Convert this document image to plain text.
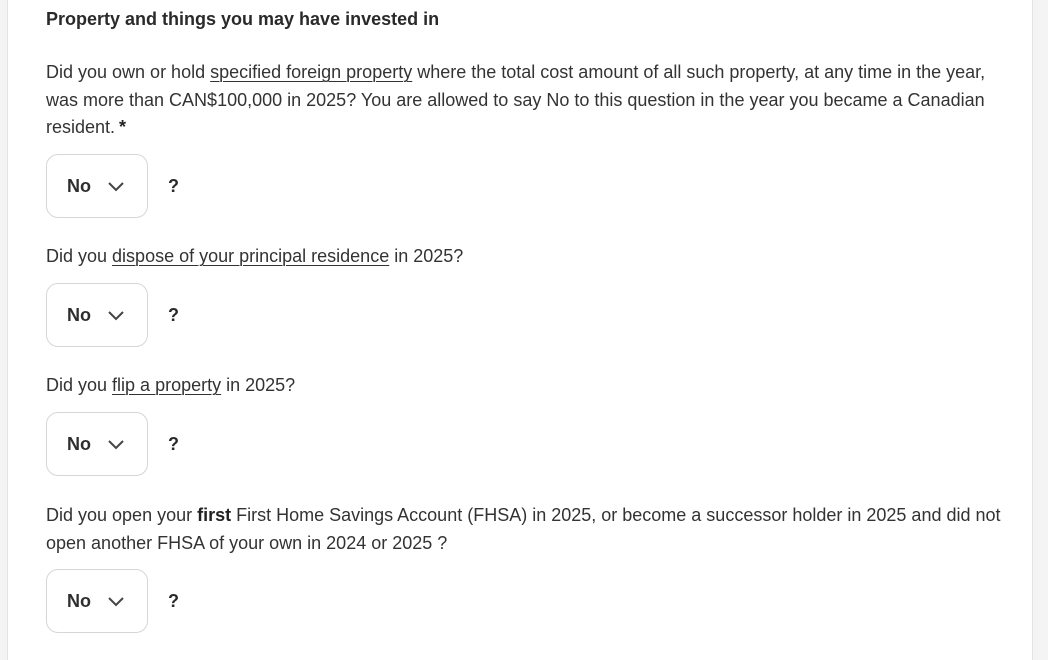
Property and things you may have invested in

Did you own or hold specified foreign property where the total cost amount of all such property, at any time in the year, was more than CAN$100,000 in 2025? You are allowed to say No to this question in the year you became a Canadian resident. *

No	?

Did you dispose of your principal residence in 2025?

No	?

Did you flip a property in 2025?

No	?

Did you open your first First Home Savings Account (FHSA) in 2025, or become a successor holder in 2025 and did not open another FHSA of your own in 2024 or 2025 ?

No	?
